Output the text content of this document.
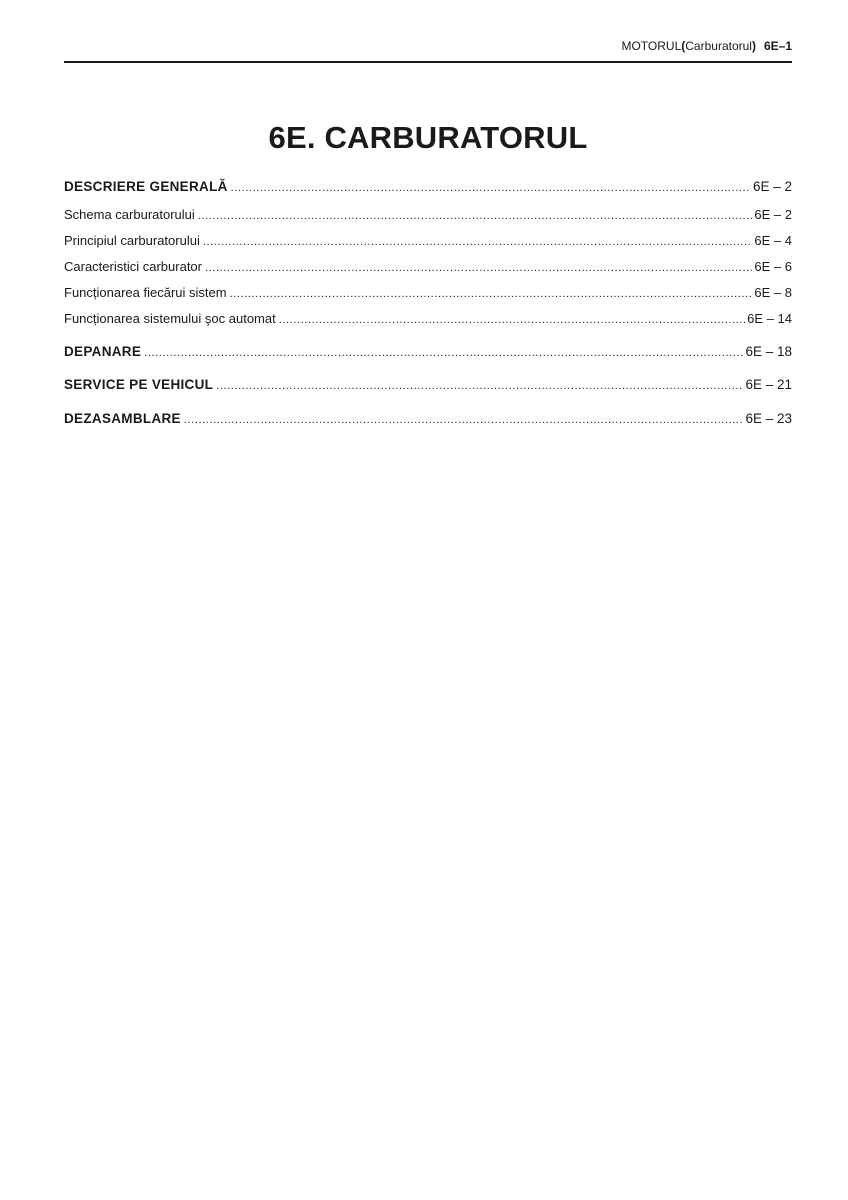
MOTORUL(Carburatorul) 6E–1
6E. CARBURATORUL
DESCRIERE GENERALĂ .....	6E – 2
Schema carburatorului .....	6E – 2
Principiul carburatorului .....	6E – 4
Caracteristici carburator .....	6E – 6
Funcționarea fiecărui sistem .....	6E – 8
Funcționarea sistemului şoc automat .....	6E – 14
DEPANARE .....	6E – 18
SERVICE PE VEHICUL .....	6E – 21
DEZASAMBLARE .....	6E – 23
